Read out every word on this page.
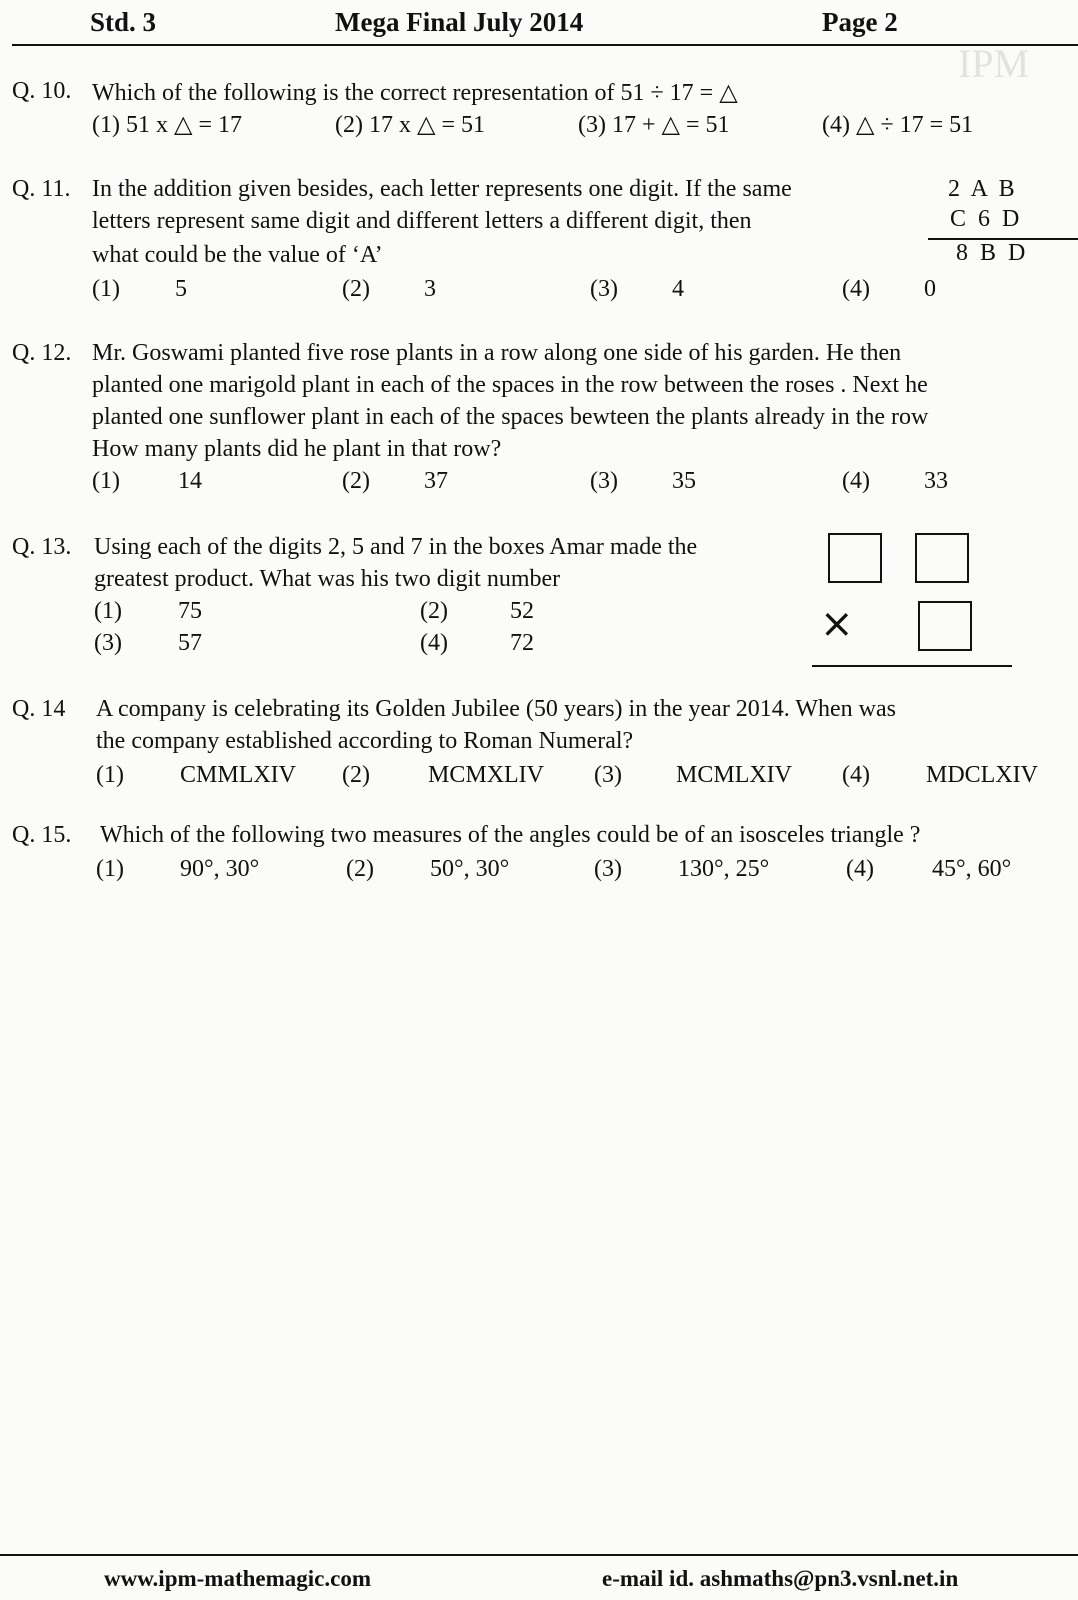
Std. 3	Mega Final July 2014	Page 2
IPM
Q. 10. Which of the following is the correct representation of 51 ÷ 17 = △
(1) 51 x △ = 17	(2) 17 x △ = 51	(3) 17 + △ = 51	(4) △ ÷ 17 = 51
Q. 11. In the addition given besides, each letter represents one digit. If the same
letters represent same digit and different letters a different digit, then
what could be the value of ‘A’
2  A  B
C  6  D
8  B  D
(1) 5	(2) 3	(3) 4	(4) 0
Q. 12. Mr. Goswami planted five rose plants in a row along one side of his garden. He then
planted one marigold plant in each of the spaces in the row between the roses . Next he
planted one sunflower plant in each of the spaces bewteen the plants already in the row
How many plants did he plant in that row?
(1) 14	(2) 37	(3) 35	(4) 33
Q. 13. Using each of the digits 2, 5 and 7 in the boxes Amar made the
greatest product. What was his two digit number
(1) 75	(2)	52
(3) 57	(4)	72	×
Q. 14 A company is celebrating its Golden Jubilee (50 years) in the year 2014. When was
the company established according to Roman Numeral?
(1) CMMLXIV (2) MCMXLIV (3) MCMLXIV (4) MDCLXIV
Q. 15. Which of the following two measures of the angles could be of an isosceles triangle ?
(1) 90°, 30°	(2) 50°, 30°	(3) 130°, 25°	(4) 45°, 60°
www.ipm-mathemagic.com	e-mail id. ashmaths@pn3.vsnl.net.in
